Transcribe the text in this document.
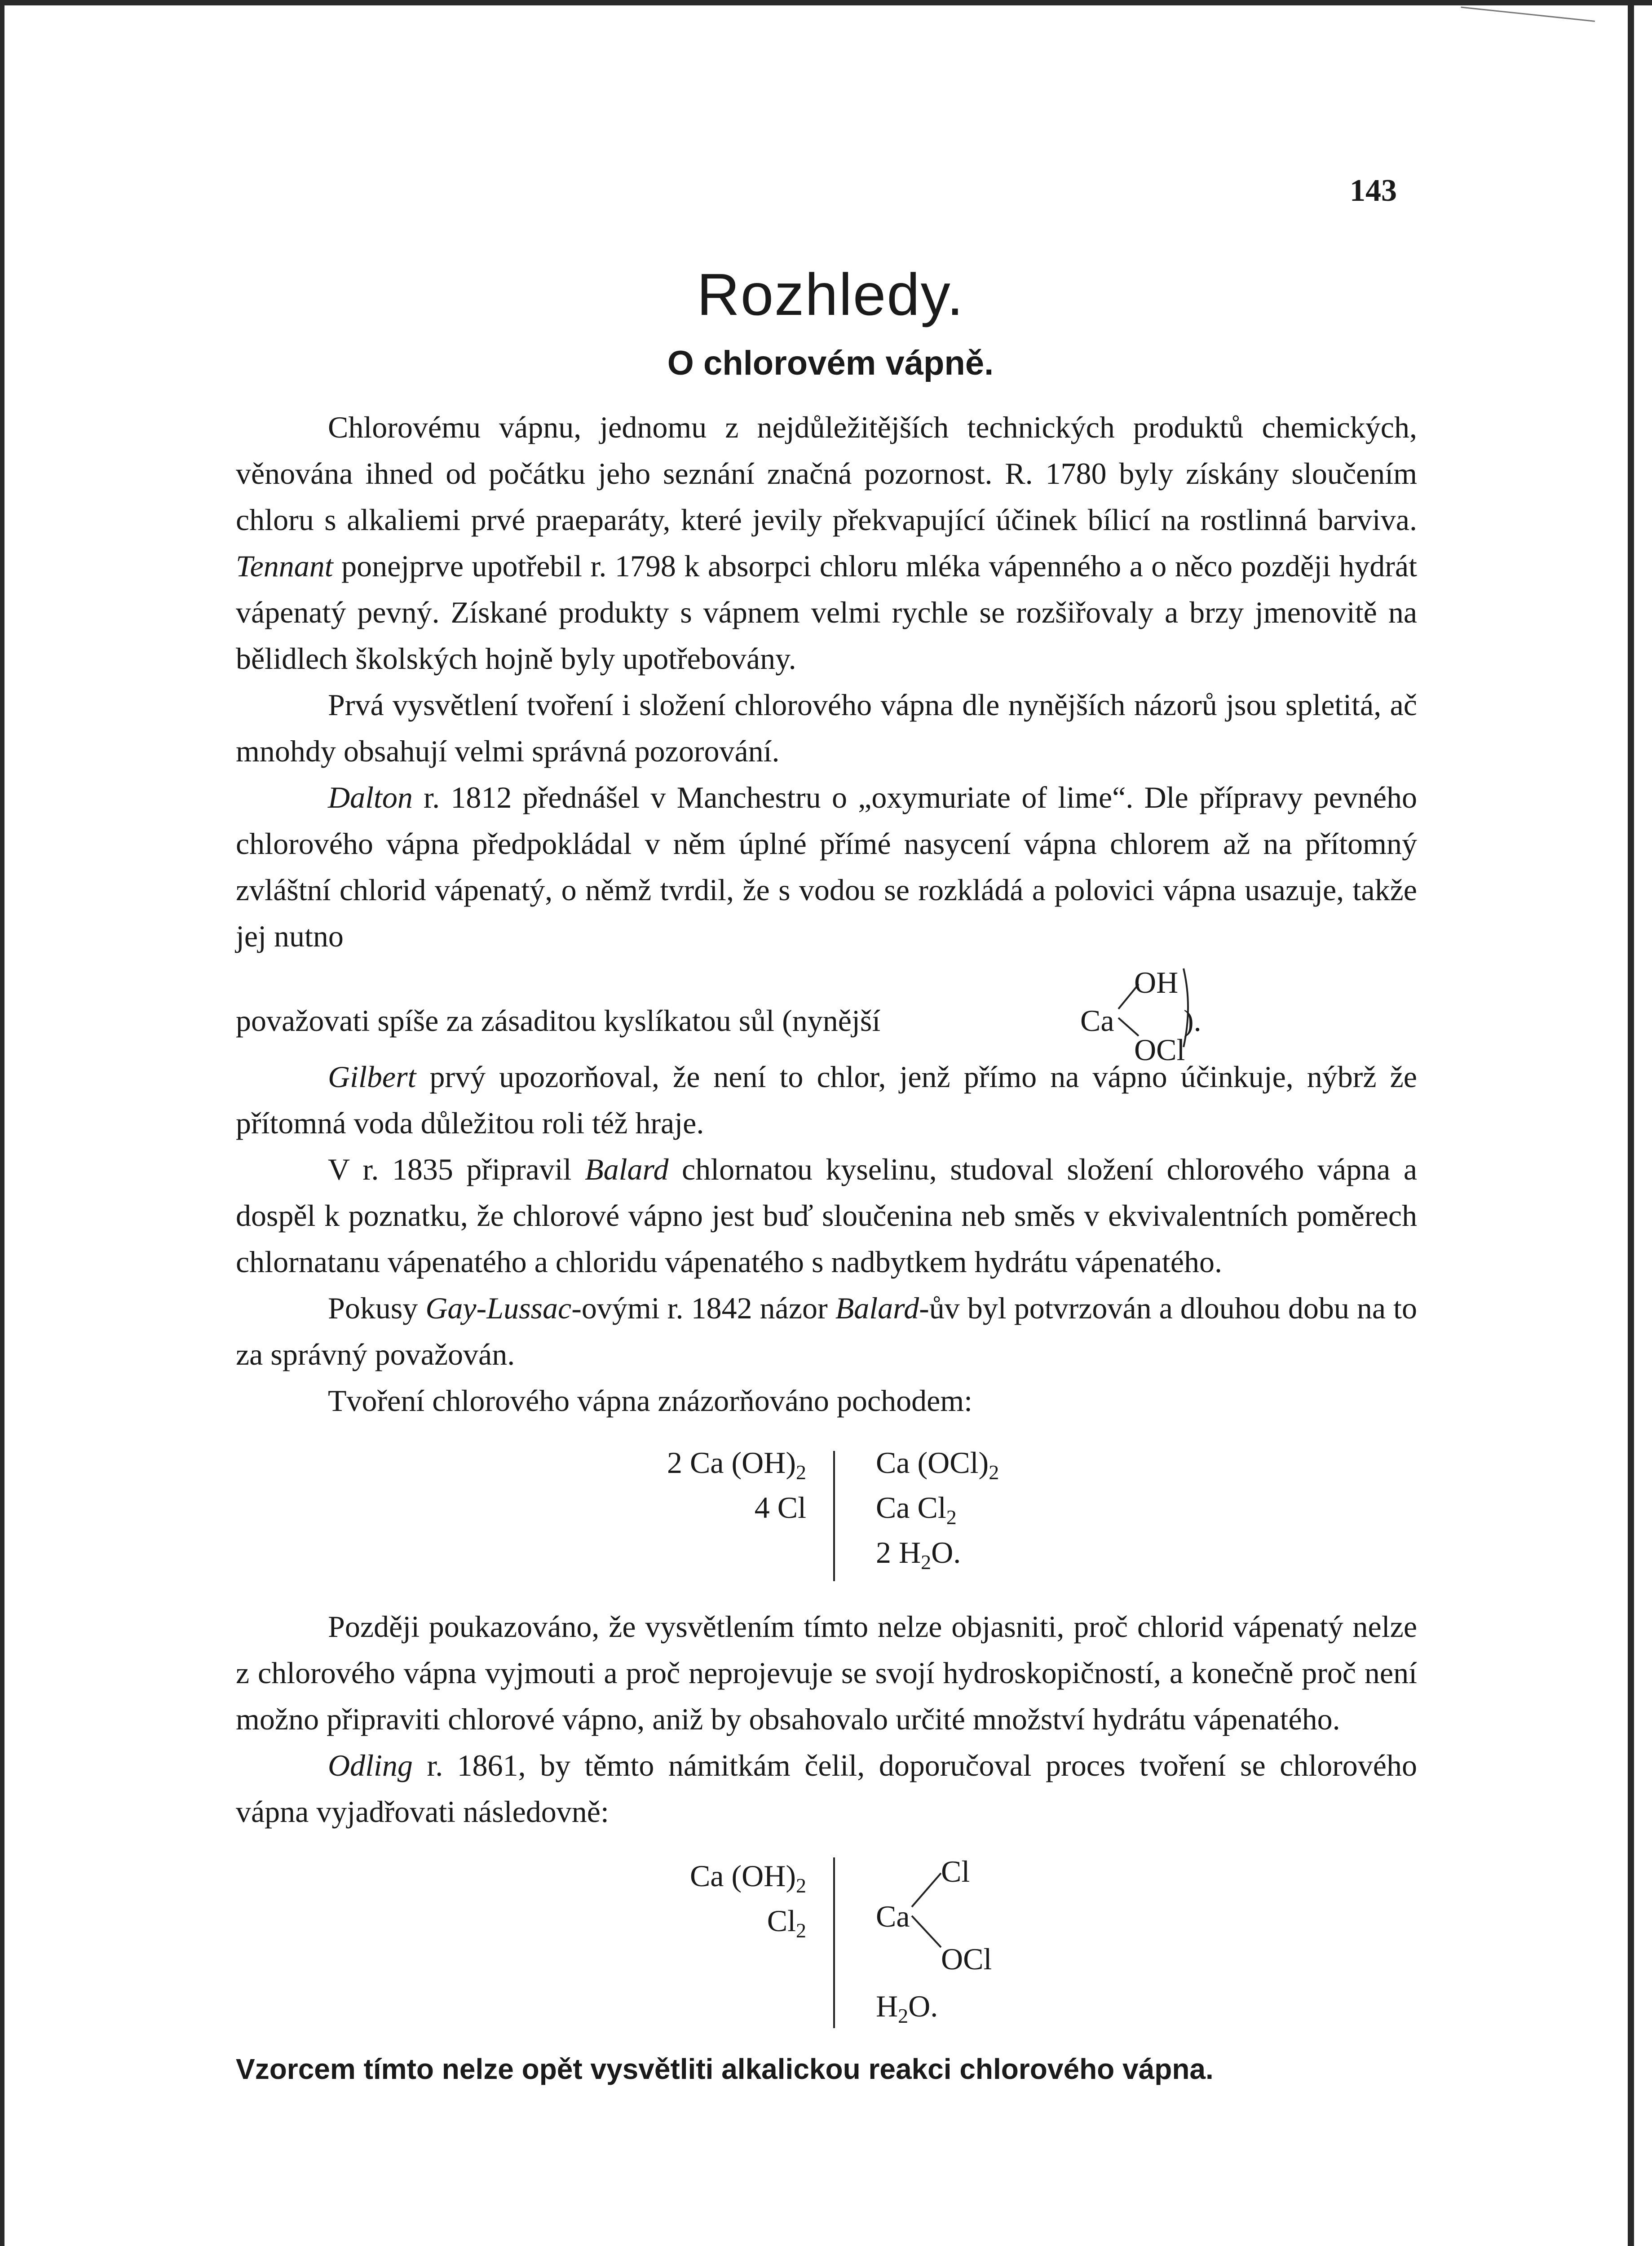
143
Rozhledy.
O chlorovém vápně.

Chlorovému vápnu, jednomu z nejdůležitějších technických produktů chemických, věnována ihned od počátku jeho seznání značná pozornost. R. 1780 byly získány sloučením chloru s alkaliemi prvé praeparáty, které jevily překvapující účinek bílicí na rostlinná barviva. Tennant ponejprve upotřebil r. 1798 k absorpci chloru mléka vápenného a o něco později hydrát vápenatý pevný. Získané produkty s vápnem velmi rychle se rozšiřovaly a brzy jmenovitě na bělidlech školských hojně byly upotřebovány.

Prvá vysvětlení tvoření i složení chlorového vápna dle nynějších názorů jsou spletitá, ač mnohdy obsahují velmi správná pozorování.

Dalton r. 1812 přednášel v Manchestru o „oxymuriate of lime“. Dle přípravy pevného chlorového vápna předpokládal v něm úplné přímé nasycení vápna chlorem až na přítomný zvláštní chlorid vápenatý, o němž tvrdil, že s vodou se rozkládá a polovici vápna usazuje, takže jej nutno

považovati spíše za zásaditou kyslíkatou sůl (nynější	Ca
OH
OCl
).

Gilbert prvý upozorňoval, že není to chlor, jenž přímo na vápno účinkuje, nýbrž že přítomná voda důležitou roli též hraje.

V r. 1835 připravil Balard chlornatou kyselinu, studoval složení chlorového vápna a dospěl k poznatku, že chlorové vápno jest buď sloučenina neb směs v ekvivalentních poměrech chlornatanu vápenatého a chloridu vápenatého s nadbytkem hydrátu vápenatého.

Pokusy Gay-Lussac-ovými r. 1842 názor Balard-ův byl potvrzován a dlouhou dobu na to za správný považován.

Tvoření chlorového vápna znázorňováno pochodem:

2 Ca $(OH)_2$
4 Cl
Ca $(OCl)_2$
Ca $Cl_2$
2 $H_2O$.

Později poukazováno, že vysvětlením tímto nelze objasniti, proč chlorid vápenatý nelze z chlorového vápna vyjmouti a proč neprojevuje se svojí hydroskopičností, a konečně proč není možno připraviti chlorové vápno, aniž by obsahovalo určité množství hydrátu vápenatého.

Odling r. 1861, by těmto námitkám čelil, doporučoval proces tvoření se chlorového vápna vyjadřovati následovně:

Ca $(OH)_2$
$Cl_2$ Ca
Cl
OCl
$H_2O$.

Vzorcem tímto nelze opět vysvětliti alkalickou reakci chlorového vápna.
